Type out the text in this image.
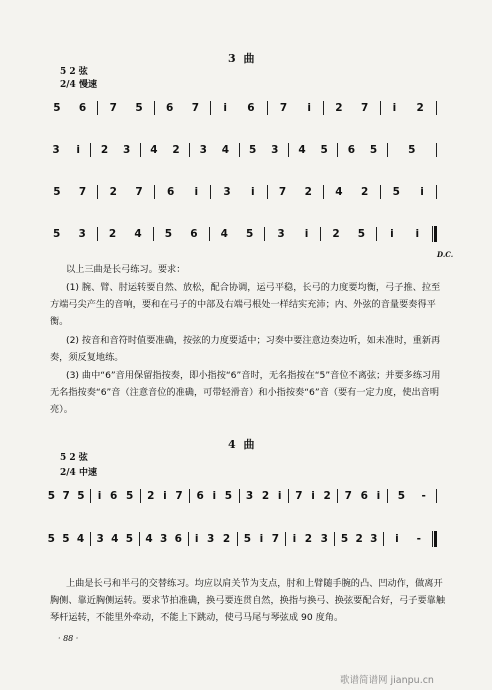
3 曲
5 2 弦
2/4 慢速
5 6 7 5 6 7 i 6 7 i 2 7 i 2
3 i 2 3 4 2 3 4 5 3 4 5 6 5	5
5 7 2 7 6 i 3 i 7 2 4 2 5 i
5 3 2 4 5 6 4 5 3 i 2 5 i i
D.C.
以上三曲是长弓练习。要求：
(1) 腕、臂、肘运转要自然、放松，配合协调，运弓平稳，长弓的力度要均衡，弓子推、拉至方端弓尖产生的音响，要和在弓子的中部及右端弓根处一样结实充沛；内、外弦的音量要奏得平衡。
(2) 按音和音符时值要准确，按弦的力度要适中；习奏中要注意边奏边听，如未准时，重新再奏，须反复地练。
(3) 曲中“6”音用保留指按奏，即小指按“6”音时，无名指按在“5”音位不离弦；并要多练习用无名指按奏“6”音（注意音位的准确，可带轻滑音）和小指按奏“6”音（要有一定力度，使出音明亮）。
4 曲
5 2 弦
2/4 中速
5 7 5 i 6 5 2 i 7 6 i 5 3 2 i 7 i 2 7 6 i 5 -
5 5 4 3 4 5 4 3 6 i 3 2 5 i 7 i 2 3 5 2 3 i -
上曲是长弓和半弓的交替练习。均应以肩关节为支点，肘和上臂随手腕的凸、凹动作，做离开胸侧、靠近胸侧运转。要求节拍准确，换弓要连贯自然，换指与换弓、换弦要配合好，弓子要靠触琴杆运转，不能里外牵动，不能上下跳动，使弓马尾与琴弦成 90 度角。
· 88 ·
歌谱简谱网 jianpu.cn
